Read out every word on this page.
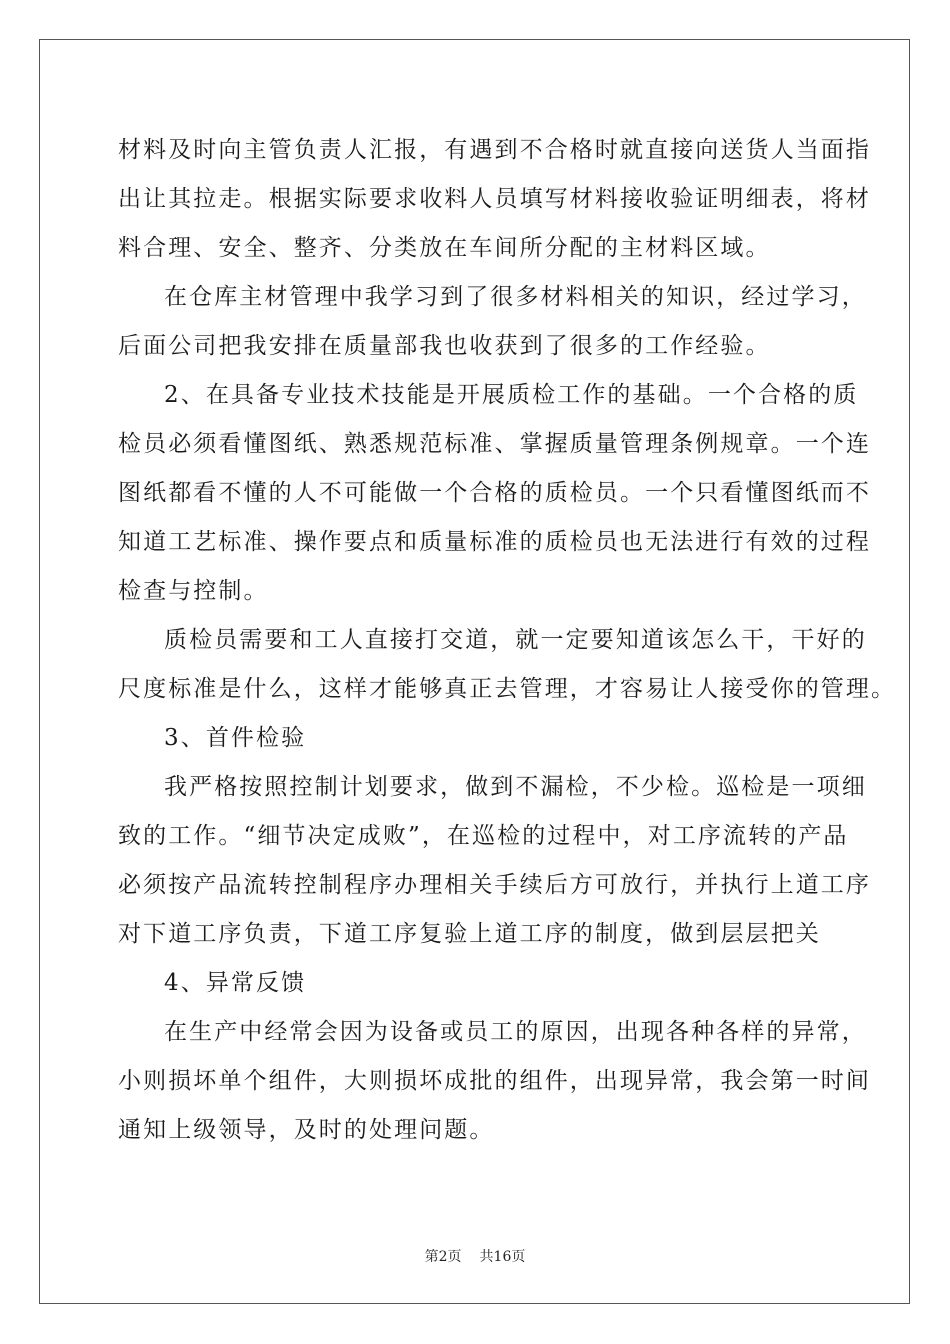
材料及时向主管负责人汇报，有遇到不合格时就直接向送货人当面指
出让其拉走。根据实际要求收料人员填写材料接收验证明细表，将材
料合理、安全、整齐、分类放在车间所分配的主材料区域。
在仓库主材管理中我学习到了很多材料相关的知识，经过学习，
后面公司把我安排在质量部我也收获到了很多的工作经验。
2、在具备专业技术技能是开展质检工作的基础。一个合格的质
检员必须看懂图纸、熟悉规范标准、掌握质量管理条例规章。一个连
图纸都看不懂的人不可能做一个合格的质检员。一个只看懂图纸而不
知道工艺标准、操作要点和质量标准的质检员也无法进行有效的过程
检查与控制。
质检员需要和工人直接打交道，就一定要知道该怎么干，干好的
尺度标准是什么，这样才能够真正去管理，才容易让人接受你的管理。
3、首件检验
我严格按照控制计划要求，做到不漏检，不少检。巡检是一项细
致的工作。“细节决定成败”，在巡检的过程中，对工序流转的产品
必须按产品流转控制程序办理相关手续后方可放行，并执行上道工序
对下道工序负责，下道工序复验上道工序的制度，做到层层把关
4、异常反馈
在生产中经常会因为设备或员工的原因，出现各种各样的异常，
小则损坏单个组件，大则损坏成批的组件，出现异常，我会第一时间
通知上级领导，及时的处理问题。
第2页 共16页
